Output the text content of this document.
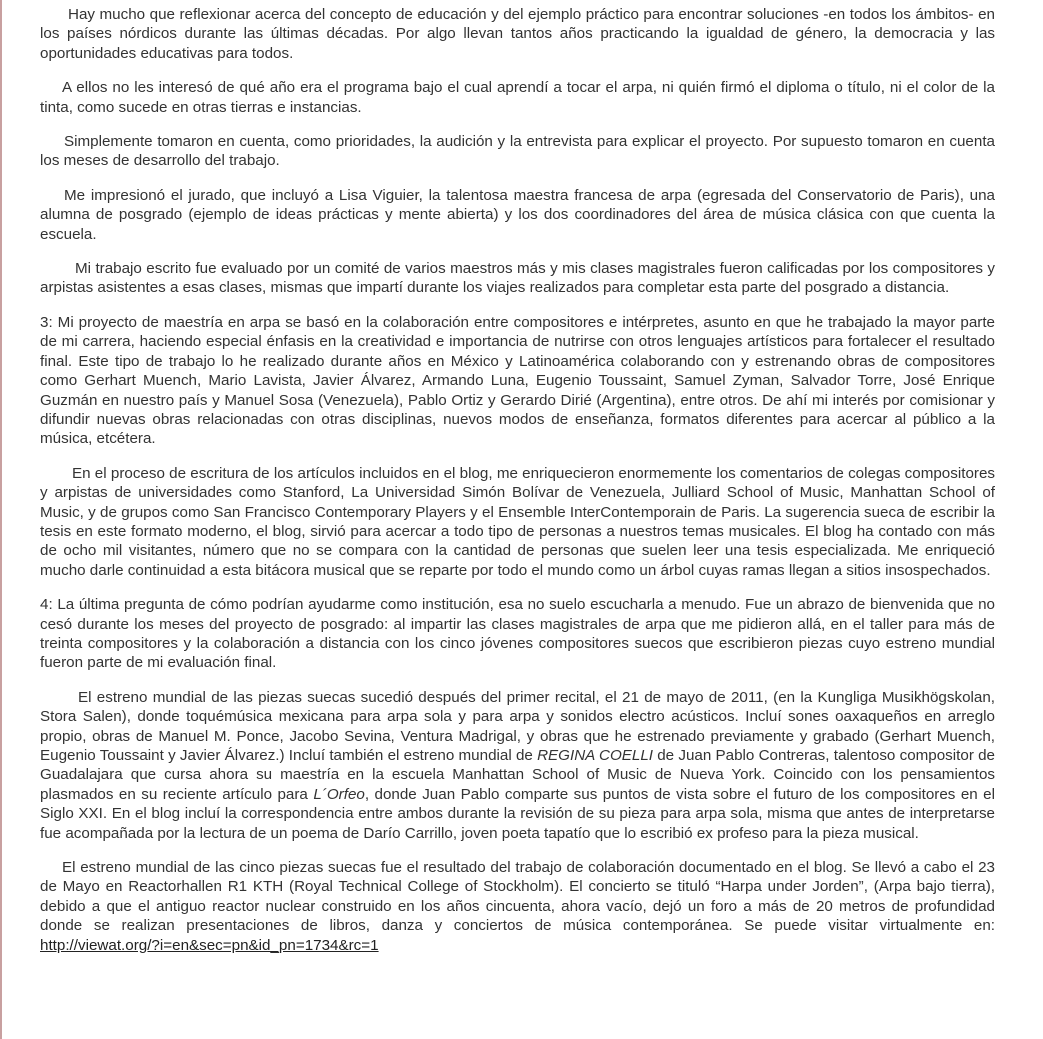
Hay mucho que reflexionar acerca del concepto de educación y del ejemplo práctico para encontrar soluciones -en todos los ámbitos- en los países nórdicos durante las últimas décadas. Por algo llevan tantos años practicando la igualdad de género, la democracia y las oportunidades educativas para todos.

A ellos no les interesó de qué año era el programa bajo el cual aprendí a tocar el arpa, ni quién firmó el diploma o título, ni el color de la tinta, como sucede en otras tierras e instancias.

Simplemente tomaron en cuenta, como prioridades, la audición y la entrevista para explicar el proyecto. Por supuesto tomaron en cuenta los meses de desarrollo del trabajo.

Me impresionó el jurado, que incluyó a Lisa Viguier, la talentosa maestra francesa de arpa (egresada del Conservatorio de Paris), una alumna de posgrado (ejemplo de ideas prácticas y mente abierta) y los dos coordinadores del área de música clásica con que cuenta la escuela.

Mi trabajo escrito fue evaluado por un comité de varios maestros más y mis clases magistrales fueron calificadas por los compositores y arpistas asistentes a esas clases, mismas que impartí durante los viajes realizados para completar esta parte del posgrado a distancia.

3: Mi proyecto de maestría en arpa se basó en la colaboración entre compositores e intérpretes, asunto en que he trabajado la mayor parte de mi carrera, haciendo especial énfasis en la creatividad e importancia de nutrirse con otros lenguajes artísticos para fortalecer el resultado final. Este tipo de trabajo lo he realizado durante años en México y Latinoamérica colaborando con y estrenando obras de compositores como Gerhart Muench, Mario Lavista, Javier Álvarez, Armando Luna, Eugenio Toussaint, Samuel Zyman, Salvador Torre, José Enrique Guzmán en nuestro país y Manuel Sosa (Venezuela), Pablo Ortiz y Gerardo Dirié (Argentina), entre otros. De ahí mi interés por comisionar y difundir nuevas obras relacionadas con otras disciplinas, nuevos modos de enseñanza, formatos diferentes para acercar al público a la música, etcétera.

En el proceso de escritura de los artículos incluidos en el blog, me enriquecieron enormemente los comentarios de colegas compositores y arpistas de universidades como Stanford, La Universidad Simón Bolívar de Venezuela, Julliard School of Music, Manhattan School of Music, y de grupos como San Francisco Contemporary Players y el Ensemble InterContemporain de Paris. La sugerencia sueca de escribir la tesis en este formato moderno, el blog, sirvió para acercar a todo tipo de personas a nuestros temas musicales. El blog ha contado con más de ocho mil visitantes, número que no se compara con la cantidad de personas que suelen leer una tesis especializada. Me enriqueció mucho darle continuidad a esta bitácora musical que se reparte por todo el mundo como un árbol cuyas ramas llegan a sitios insospechados.

4: La última pregunta de cómo podrían ayudarme como institución, esa no suelo escucharla a menudo. Fue un abrazo de bienvenida que no cesó durante los meses del proyecto de posgrado: al impartir las clases magistrales de arpa que me pidieron allá, en el taller para más de treinta compositores y la colaboración a distancia con los cinco jóvenes compositores suecos que escribieron piezas cuyo estreno mundial fueron parte de mi evaluación final.

El estreno mundial de las piezas suecas sucedió después del primer recital, el 21 de mayo de 2011, (en la Kungliga Musikhögskolan, Stora Salen), donde toquémúsica mexicana para arpa sola y para arpa y sonidos electro acústicos. Incluí sones oaxaqueños en arreglo propio, obras de Manuel M. Ponce, Jacobo Sevina, Ventura Madrigal, y obras que he estrenado previamente y grabado (Gerhart Muench, Eugenio Toussaint y Javier Álvarez.) Incluí también el estreno mundial de REGINA COELLI de Juan Pablo Contreras, talentoso compositor de Guadalajara que cursa ahora su maestría en la escuela Manhattan School of Music de Nueva York. Coincido con los pensamientos plasmados en su reciente artículo para L´Orfeo, donde Juan Pablo comparte sus puntos de vista sobre el futuro de los compositores en el Siglo XXI. En el blog incluí la correspondencia entre ambos durante la revisión de su pieza para arpa sola, misma que antes de interpretarse fue acompañada por la lectura de un poema de Darío Carrillo, joven poeta tapatío que lo escribió ex profeso para la pieza musical.

El estreno mundial de las cinco piezas suecas fue el resultado del trabajo de colaboración documentado en el blog. Se llevó a cabo el 23 de Mayo en Reactorhallen R1 KTH (Royal Technical College of Stockholm). El concierto se tituló “Harpa under Jorden”, (Arpa bajo tierra), debido a que el antiguo reactor nuclear construido en los años cincuenta, ahora vacío, dejó un foro a más de 20 metros de profundidad donde se realizan presentaciones de libros, danza y conciertos de música contemporánea. Se puede visitar virtualmente en: http://viewat.org/?i=en&sec=pn&id_pn=1734&rc=1
